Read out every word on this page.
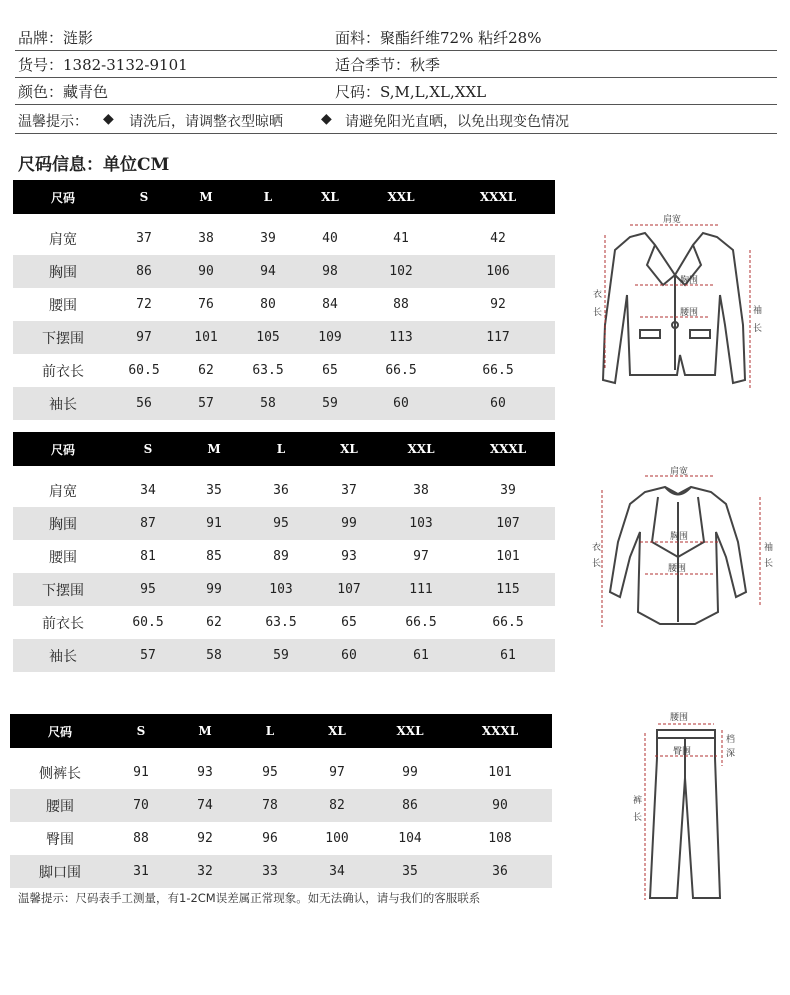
品牌：涟影	面料：聚酯纤维72% 粘纤28%
货号：1382-3132-9101	适合季节：秋季
颜色：藏青色	尺码：S,M,L,XL,XXL
温馨提示： ◆ 请洗后，请调整衣型晾晒	◆ 请避免阳光直晒，以免出现变色情况
尺码信息：单位CM
尺码	S	M	L	XL	XXL	XXXL
肩宽	37	38	39	40	41	42
胸围	86	90	94	98	102	106
腰围	72	76	80	84	88	92
下摆围	97	101	105	109	113	117
前衣长	60.5	62	63.5	65	66.5	66.5
袖长	56	57	58	59	60	60
尺码	S	M	L	XL	XXL	XXXL
肩宽	34	35	36	37	38	39
胸围	87	91	95	99	103	107
腰围	81	85	89	93	97	101
下摆围	95	99	103	107	111	115
前衣长	60.5	62	63.5	65	66.5	66.5
袖长	57	58	59	60	61	61
尺码	S	M	L	XL	XXL	XXXL
侧裤长	91	93	95	97	99	101
腰围	70	74	78	82	86	90
臀围	88	92	96	100	104	108
脚口围	31	32	33	34	35	36
温馨提示：尺码表手工测量，有1-2CM误差属正常现象。如无法确认，请与我们的客服联系
肩宽
胸围
腰围
衣
长	袖
长
肩宽
胸围
腰围
衣
长
袖
长
腰围
臀围
档
深
裤
长
